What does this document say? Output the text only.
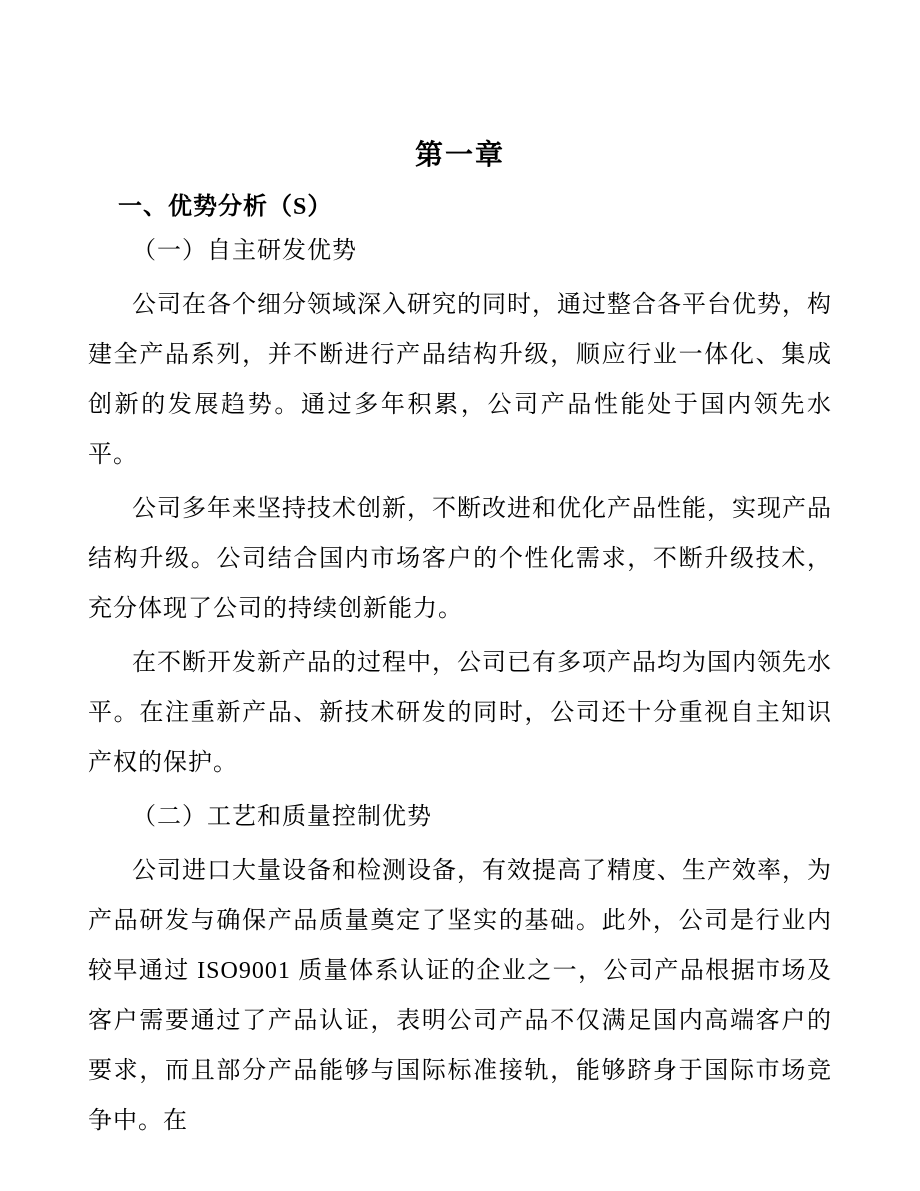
第一章
一、优势分析（S）

（一）自主研发优势

公司在各个细分领域深入研究的同时，通过整合各平台优势，构建全产品系列，并不断进行产品结构升级，顺应行业一体化、集成创新的发展趋势。通过多年积累，公司产品性能处于国内领先水平。

公司多年来坚持技术创新，不断改进和优化产品性能，实现产品结构升级。公司结合国内市场客户的个性化需求，不断升级技术，充分体现了公司的持续创新能力。

在不断开发新产品的过程中，公司已有多项产品均为国内领先水平。在注重新产品、新技术研发的同时，公司还十分重视自主知识产权的保护。

（二）工艺和质量控制优势

公司进口大量设备和检测设备，有效提高了精度、生产效率，为产品研发与确保产品质量奠定了坚实的基础。此外，公司是行业内较早通过 ISO9001 质量体系认证的企业之一，公司产品根据市场及客户需要通过了产品认证，表明公司产品不仅满足国内高端客户的要求，而且部分产品能够与国际标准接轨，能够跻身于国际市场竞争中。在
